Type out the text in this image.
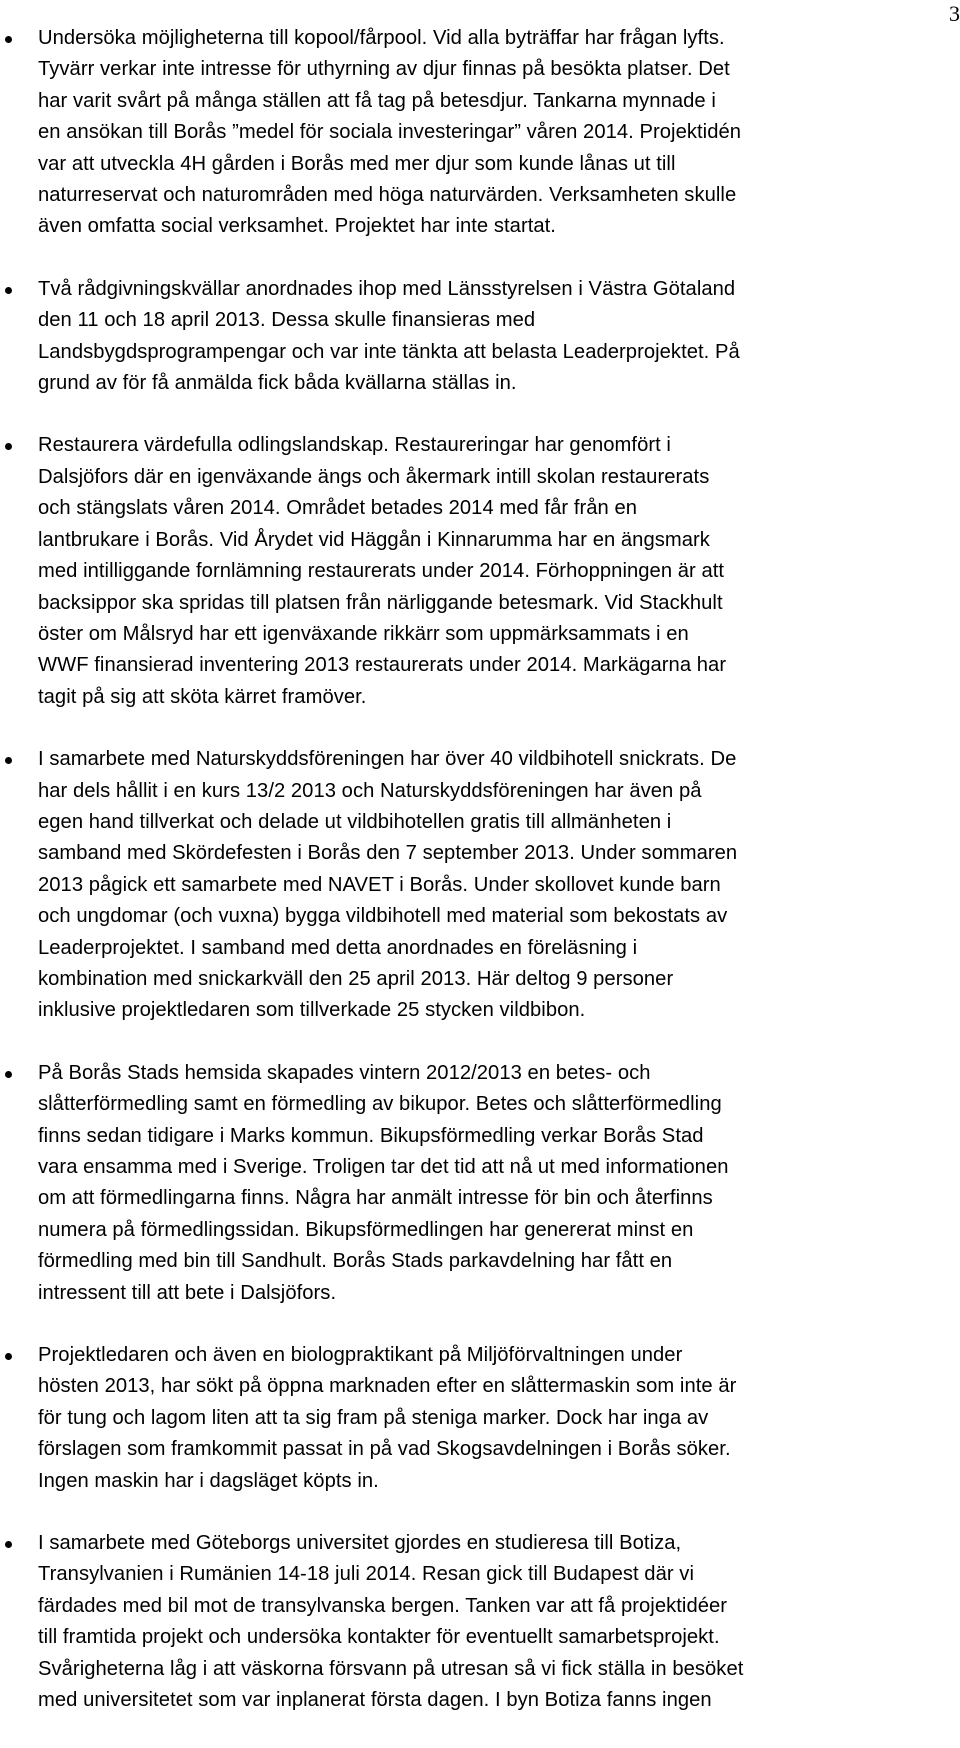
3
Undersöka möjligheterna till kopool/fårpool. Vid alla byträffar har frågan lyfts.
Tyvärr verkar inte intresse för uthyrning av djur finnas på besökta platser. Det
har varit svårt på många ställen att få tag på betesdjur. Tankarna mynnade i
en ansökan till Borås ”medel för sociala investeringar” våren 2014. Projektidén
var att utveckla 4H gården i Borås med mer djur som kunde lånas ut till
naturreservat och naturområden med höga naturvärden. Verksamheten skulle
även omfatta social verksamhet. Projektet har inte startat.
Två rådgivningskvällar anordnades ihop med Länsstyrelsen i Västra Götaland
den 11 och 18 april 2013. Dessa skulle finansieras med
Landsbygdsprogrampengar och var inte tänkta att belasta Leaderprojektet. På
grund av för få anmälda fick båda kvällarna ställas in.
Restaurera värdefulla odlingslandskap. Restaureringar har genomfört i
Dalsjöfors där en igenväxande ängs och åkermark intill skolan restaurerats
och stängslats våren 2014. Området betades 2014 med får från en
lantbrukare i Borås. Vid Årydet vid Häggån i Kinnarumma har en ängsmark
med intilliggande fornlämning restaurerats under 2014. Förhoppningen är att
backsippor ska spridas till platsen från närliggande betesmark. Vid Stackhult
öster om Målsryd har ett igenväxande rikkärr som uppmärksammats i en
WWF finansierad inventering 2013 restaurerats under 2014. Markägarna har
tagit på sig att sköta kärret framöver.
I samarbete med Naturskyddsföreningen har över 40 vildbihotell snickrats. De
har dels hållit i en kurs 13/2 2013 och Naturskyddsföreningen har även på
egen hand tillverkat och delade ut vildbihotellen gratis till allmänheten i
samband med Skördefesten i Borås den 7 september 2013. Under sommaren
2013 pågick ett samarbete med NAVET i Borås. Under skollovet kunde barn
och ungdomar (och vuxna) bygga vildbihotell med material som bekostats av
Leaderprojektet. I samband med detta anordnades en föreläsning i
kombination med snickarkväll den 25 april 2013. Här deltog 9 personer
inklusive projektledaren som tillverkade 25 stycken vildbibon.
På Borås Stads hemsida skapades vintern 2012/2013 en betes- och
slåtterförmedling samt en förmedling av bikupor. Betes och slåtterförmedling
finns sedan tidigare i Marks kommun. Bikupsförmedling verkar Borås Stad
vara ensamma med i Sverige. Troligen tar det tid att nå ut med informationen
om att förmedlingarna finns. Några har anmält intresse för bin och återfinns
numera på förmedlingssidan. Bikupsförmedlingen har genererat minst en
förmedling med bin till Sandhult. Borås Stads parkavdelning har fått en
intressent till att bete i Dalsjöfors.
Projektledaren och även en biologpraktikant på Miljöförvaltningen under
hösten 2013, har sökt på öppna marknaden efter en slåttermaskin som inte är
för tung och lagom liten att ta sig fram på steniga marker. Dock har inga av
förslagen som framkommit passat in på vad Skogsavdelningen i Borås söker.
Ingen maskin har i dagsläget köpts in.
I samarbete med Göteborgs universitet gjordes en studieresa till Botiza,
Transylvanien i Rumänien 14-18 juli 2014. Resan gick till Budapest där vi
färdades med bil mot de transylvanska bergen. Tanken var att få projektidéer
till framtida projekt och undersöka kontakter för eventuellt samarbetsprojekt.
Svårigheterna låg i att väskorna försvann på utresan så vi fick ställa in besöket
med universitetet som var inplanerat första dagen. I byn Botiza fanns ingen
